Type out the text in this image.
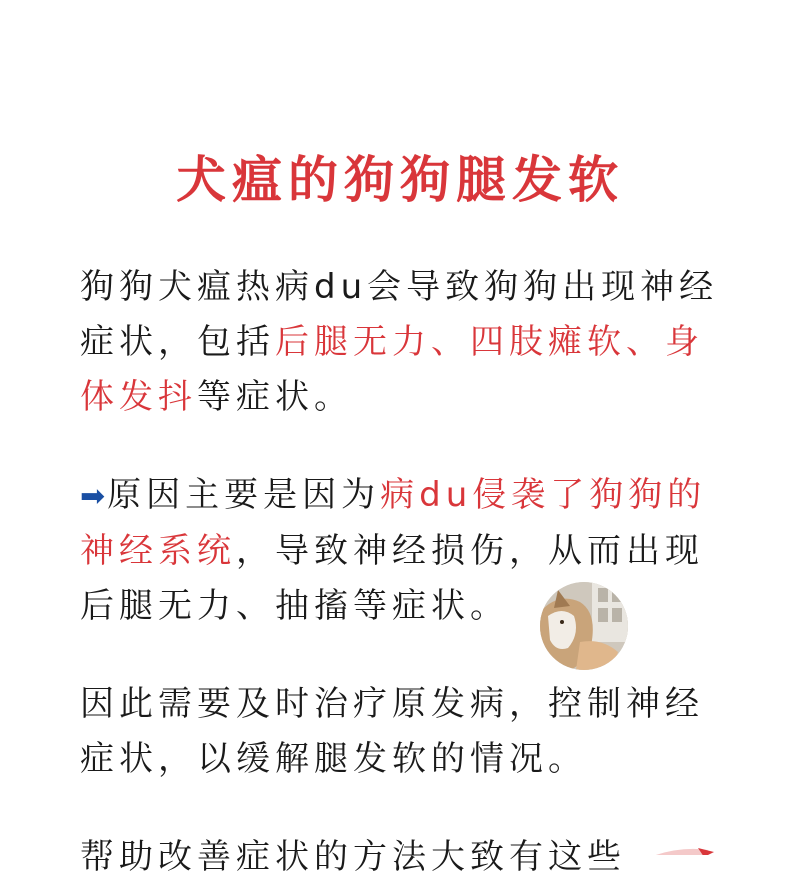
犬瘟的狗狗腿发软
狗狗犬瘟热病du会导致狗狗出现神经症状，包括后腿无力、四肢瘫软、身体发抖等症状。
➡原因主要是因为病du侵袭了狗狗的神经系统，导致神经损伤，从而出现后腿无力、抽搐等症状。
因此需要及时治疗原发病，控制神经症状，以缓解腿发软的情况。
帮助改善症状的方法大致有这些
